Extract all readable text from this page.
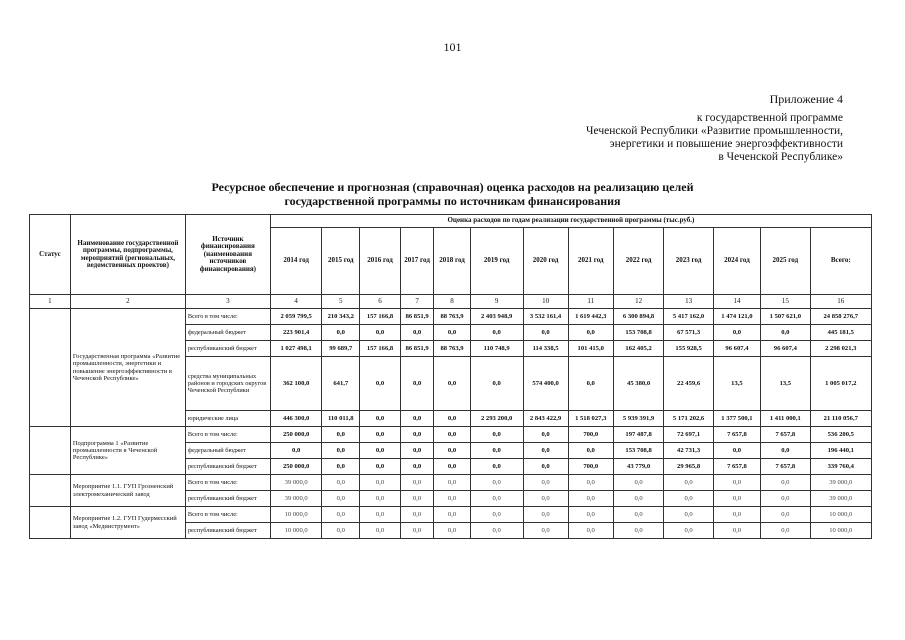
101
Приложение 4
к государственной программе
Чеченской Республики «Развитие промышленности,
энергетики и повышение энергоэффективности
в Чеченской Республике»
Ресурсное обеспечение и прогнозная (справочная) оценка расходов на реализацию целей
государственной программы по источникам финансирования
Статус	Наименование государственной программы, подпрограммы, мероприятий (региональных, ведомственных проектов)	Источник финансирования (наименования источников финансирования)	Оценка расходов по годам реализации государственной программы (тыс.руб.)												
			2014 год	2015 год	2016 год	2017 год	2018 год	2019 год	2020 год	2021 год	2022 год	2023 год	2024 год	2025 год	Всего:
1	2	3	4	5	6	7	8	9	10	11	12	13	14	15	16
	Государственная программа «Развитие промышленности, энергетики и повышение энергоэффективности в Чеченской Республике»	Всего в том числе:	2 059 799,5	210 343,2	157 166,8	86 851,9	88 763,9	2 403 948,9	3 532 161,4	1 619 442,3	6 300 894,8	5 417 162,0	1 474 121,0	1 507 621,0	24 858 276,7
		федеральный бюджет	223 901,4	0,0	0,0	0,0	0,0	0,0	0,0	0,0	153 708,8	67 571,3	0,0	0,0	445 181,5
		республиканский бюджет	1 027 498,1	99 689,7	157 166,8	86 851,9	88 763,9	110 748,9	114 338,5	101 415,0	162 405,2	155 928,5	96 607,4	96 607,4	2 298 021,3
		средства муниципальных районов и городских округов Чеченской Республики	362 100,0	641,7	0,0	0,0	0,0	0,0	574 400,0	0,0	45 380,0	22 459,6	13,5	13,5	1 005 017,2
		юридические лица	446 300,0	110 011,8	0,0	0,0	0,0	2 293 200,0	2 843 422,9	1 518 027,3	5 939 391,9	5 171 202,6	1 377 500,1	1 411 000,1	21 110 056,7
	Подпрограмма 1 «Развитие промышленности в Чеченской Республике»	Всего в том числе:	250 000,0	0,0	0,0	0,0	0,0	0,0	0,0	700,0	197 487,8	72 697,1	7 657,8	7 657,8	536 200,5
		федеральный бюджет	0,0	0,0	0,0	0,0	0,0	0,0	0,0	0,0	153 708,8	42 731,3	0,0	0,0	196 440,1
		республиканский бюджет	250 000,0	0,0	0,0	0,0	0,0	0,0	0,0	700,0	43 779,0	29 965,8	7 657,8	7 657,8	339 760,4
	Мероприятие 1.1. ГУП Грозненский электромеханический завод	Всего в том числе:	39 000,0	0,0	0,0	0,0	0,0	0,0	0,0	0,0	0,0	0,0	0,0	0,0	39 000,0
		республиканский бюджет	39 000,0	0,0	0,0	0,0	0,0	0,0	0,0	0,0	0,0	0,0	0,0	0,0	39 000,0
	Мероприятие 1.2. ГУП Гудермесский завод «Медииструмент»	Всего в том числе:	10 000,0	0,0	0,0	0,0	0,0	0,0	0,0	0,0	0,0	0,0	0,0	0,0	10 000,0
		республиканский бюджет	10 000,0	0,0	0,0	0,0	0,0	0,0	0,0	0,0	0,0	0,0	0,0	0,0	10 000,0
